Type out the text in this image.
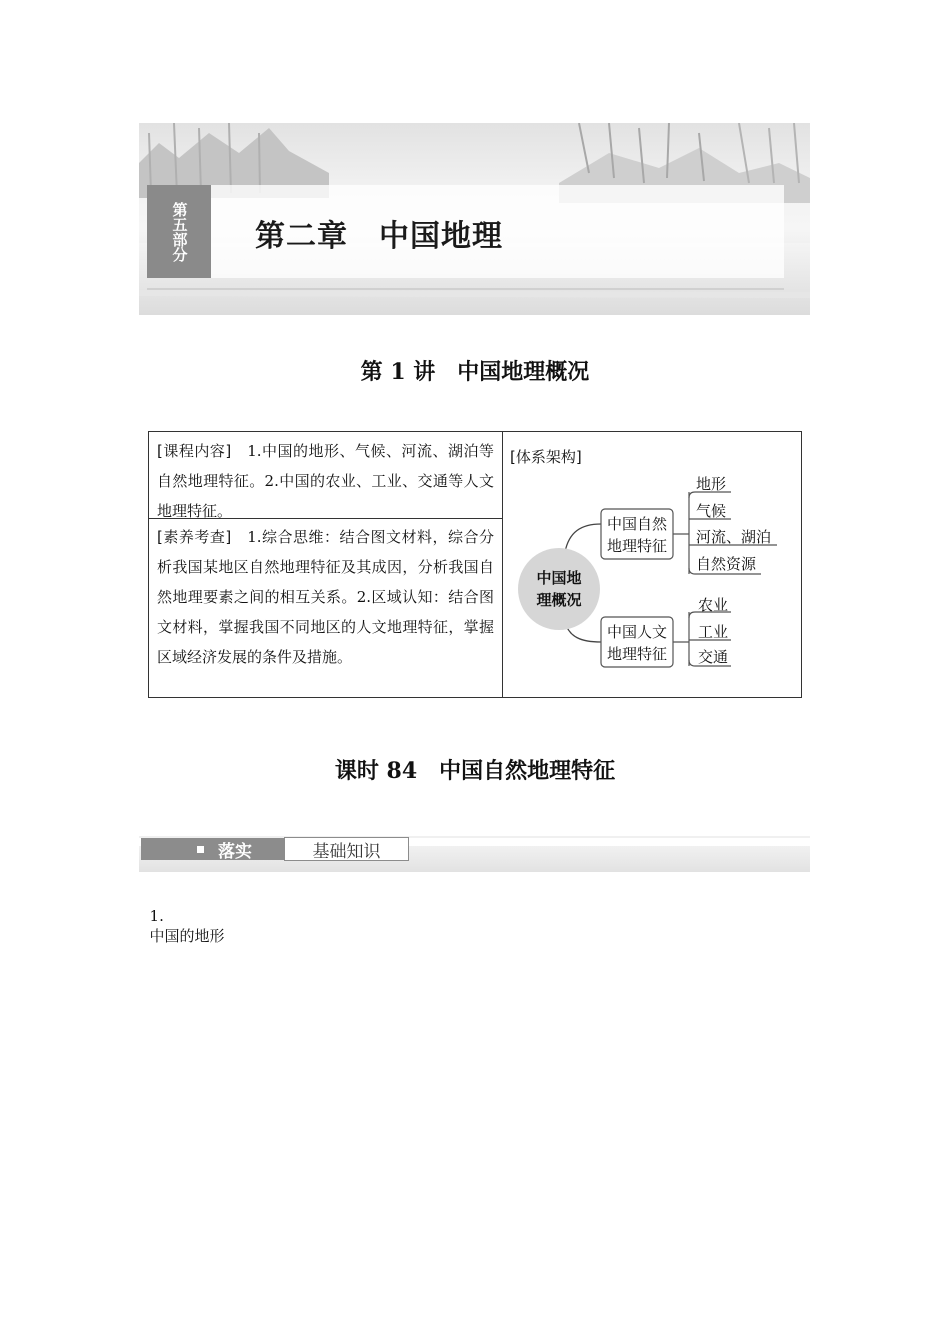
第五部分 第二章　中国地理
第 1 讲　中国地理概况
[课程内容]　1.中国的地形、气候、河流、湖泊等自然地理特征。2.中国的农业、工业、交通等人文地理特征。
[素养考查]　1.综合思维：结合图文材料，综合分析我国某地区自然地理特征及其成因，分析我国自然地理要素之间的相互关系。2.区域认知：结合图文材料，掌握我国不同地区的人文地理特征，掌握区域经济发展的条件及措施。
[体系架构]
中国地
理概况
中国自然
地理特征
地形
气候
河流、湖泊
自然资源
中国人文
地理特征
农业
工业
交通
课时 84　中国自然地理特征
落实	基础知识

1.
中国的地形
